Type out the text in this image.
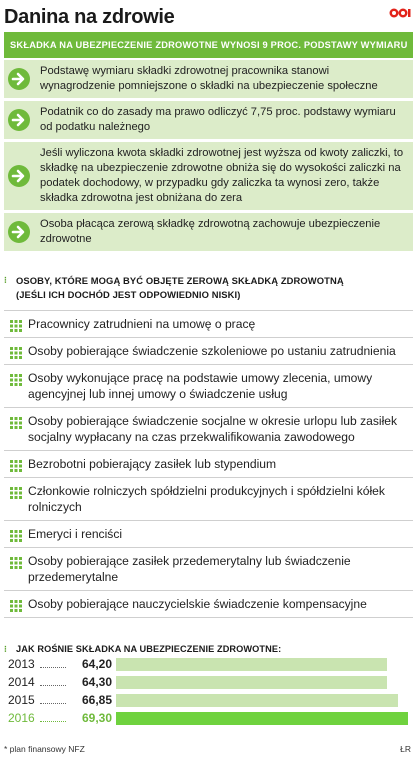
Danina na zdrowie
SKŁADKA NA UBEZPIECZENIE ZDROWOTNE WYNOSI 9 PROC. PODSTAWY WYMIARU
Podstawę wymiaru składki zdrowotnej pracownika stanowi wynagrodzenie pomniejszone o składki na ubezpieczenie społeczne
Podatnik co do zasady ma prawo odliczyć 7,75 proc. podstawy wymiaru od podatku należnego
Jeśli wyliczona kwota składki zdrowotnej jest wyższa od kwoty zaliczki, to składkę na ubezpieczenie zdrowotne obniża się do wysokości zaliczki na podatek dochodowy, w przypadku gdy zaliczka ta wynosi zero, także składka zdrowotna jest obniżana do zera
Osoba płacąca zerową składkę zdrowotną zachowuje ubezpieczenie zdrowotne
⁝ OSOBY, KTÓRE MOGĄ BYĆ OBJĘTE ZEROWĄ SKŁADKĄ ZDROWOTNĄ
(JEŚLI ICH DOCHÓD JEST ODPOWIEDNIO NISKI)
Pracownicy zatrudnieni na umowę o pracę
Osoby pobierające świadczenie szkoleniowe po ustaniu zatrudnienia
Osoby wykonujące pracę na podstawie umowy zlecenia, umowy agencyjnej lub innej umowy o świadczenie usług
Osoby pobierające świadczenie socjalne w okresie urlopu lub zasiłek socjalny wypłacany na czas przekwalifikowania zawodowego
Bezrobotni pobierający zasiłek lub stypendium
Członkowie rolniczych spółdzielni produkcyjnych i spółdzielni kółek rolniczych
Emeryci i renciści
Osoby pobierające zasiłek przedemerytalny lub świadczenie przedemerytalne
Osoby pobierające nauczycielskie świadczenie kompensacyjne
⁝ JAK ROŚNIE SKŁADKA NA UBEZPIECZENIE ZDROWOTNE:
2013	64,20
2014	64,30
2015	66,85
2016	69,30
* plan finansowy NFZ	ŁR
